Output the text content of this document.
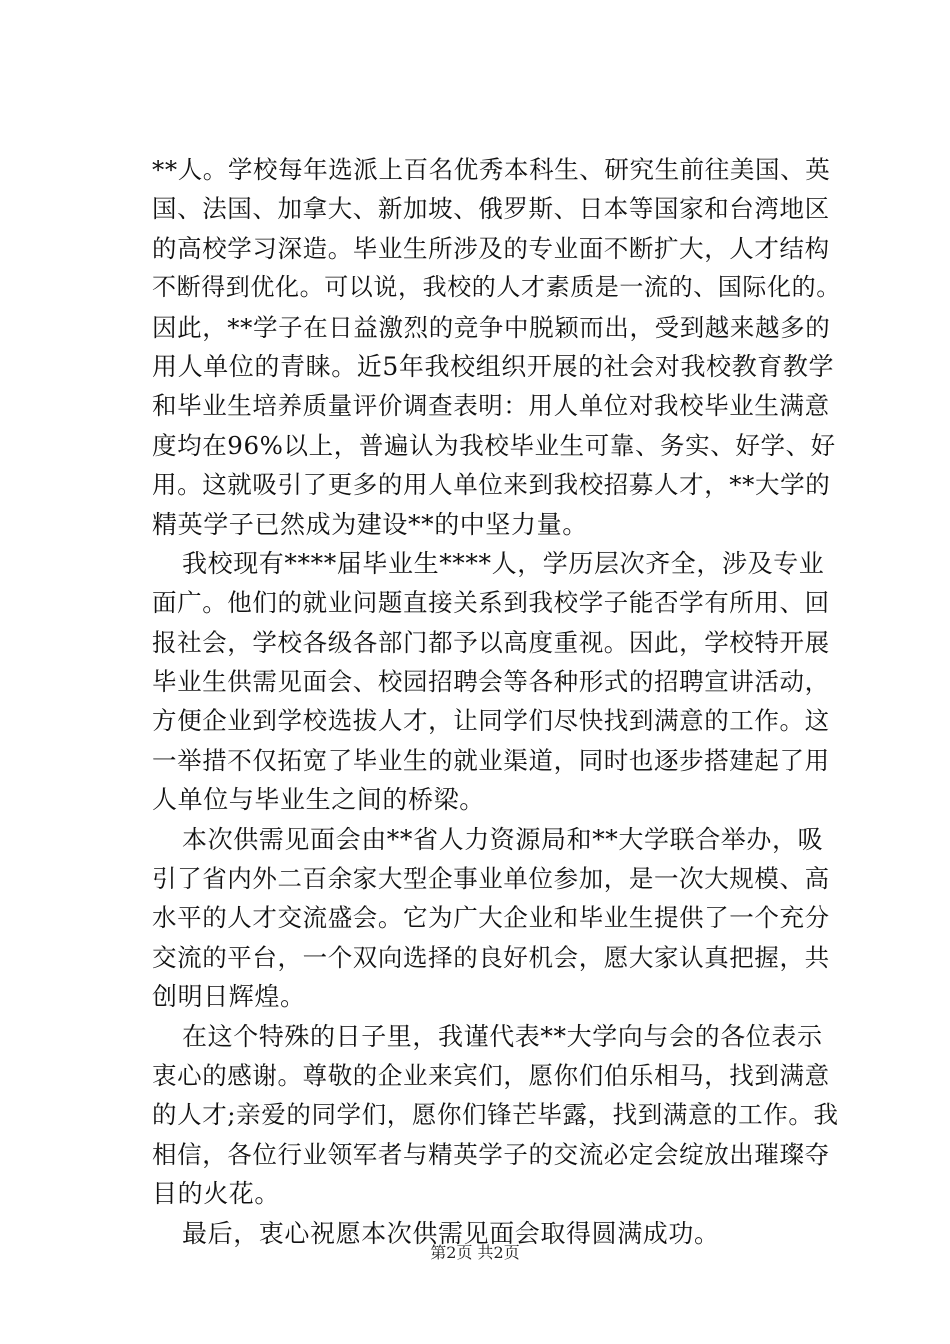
**人。学校每年选派上百名优秀本科生、研究生前往美国、英
国、法国、加拿大、新加坡、俄罗斯、日本等国家和台湾地区
的高校学习深造。毕业生所涉及的专业面不断扩大，人才结构
不断得到优化。可以说，我校的人才素质是一流的、国际化的。
因此，**学子在日益激烈的竞争中脱颖而出，受到越来越多的
用人单位的青睐。近5年我校组织开展的社会对我校教育教学
和毕业生培养质量评价调查表明：用人单位对我校毕业生满意
度均在96%以上，普遍认为我校毕业生可靠、务实、好学、好
用。这就吸引了更多的用人单位来到我校招募人才，**大学的
精英学子已然成为建设**的中坚力量。
我校现有****届毕业生****人，学历层次齐全，涉及专业
面广。他们的就业问题直接关系到我校学子能否学有所用、回
报社会，学校各级各部门都予以高度重视。因此，学校特开展
毕业生供需见面会、校园招聘会等各种形式的招聘宣讲活动，
方便企业到学校选拔人才，让同学们尽快找到满意的工作。这
一举措不仅拓宽了毕业生的就业渠道，同时也逐步搭建起了用
人单位与毕业生之间的桥梁。
本次供需见面会由**省人力资源局和**大学联合举办，吸
引了省内外二百余家大型企事业单位参加，是一次大规模、高
水平的人才交流盛会。它为广大企业和毕业生提供了一个充分
交流的平台，一个双向选择的良好机会，愿大家认真把握，共
创明日辉煌。
在这个特殊的日子里，我谨代表**大学向与会的各位表示
衷心的感谢。尊敬的企业来宾们，愿你们伯乐相马，找到满意
的人才;亲爱的同学们，愿你们锋芒毕露，找到满意的工作。我
相信，各位行业领军者与精英学子的交流必定会绽放出璀璨夺
目的火花。
最后，衷心祝愿本次供需见面会取得圆满成功。
第2页 共2页
